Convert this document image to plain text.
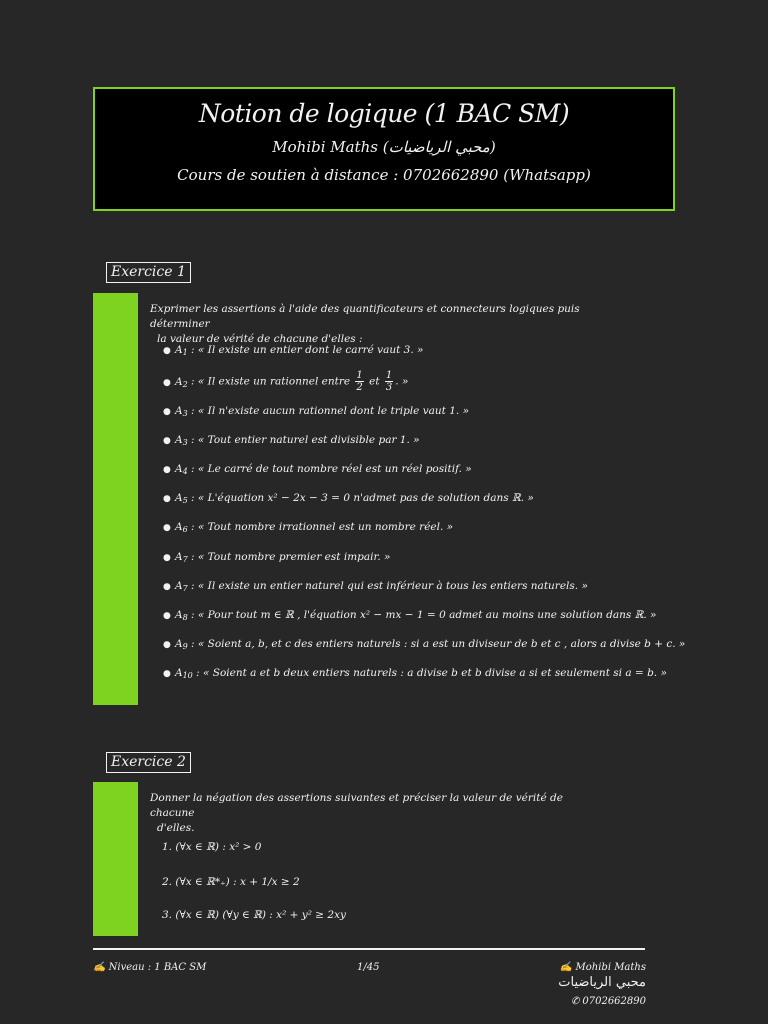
Notion de logique (1 BAC SM)
Mohibi Maths (محبي الرياضيات)
Cours de soutien à distance : 0702662890 (Whatsapp)
Exercice 1
Exprimer les assertions à l'aide des quantificateurs et connecteurs logiques puis déterminer
la valeur de vérité de chacune d'elles :
● $A_1$ : « Il existe un entier dont le carré vaut 3. »
● $A_2$ : « Il existe un rationnel entre $\frac{1}{2}$ et $\frac{1}{3}$ . »
● $A_3$ : « Il n'existe aucun rationnel dont le triple vaut 1. »
● $A_3$ : « Tout entier naturel est divisible par 1. »
● $A_4$ : « Le carré de tout nombre réel est un réel positif. »
● $A_5$ : « L'équation x² − 2x − 3 = 0 n'admet pas de solution dans ℝ. »
● $A_6$ : « Tout nombre irrationnel est un nombre réel. »
● $A_7$ : « Tout nombre premier est impair. »
● $A_7$ : « Il existe un entier naturel qui est inférieur à tous les entiers naturels. »
● $A_8$ : « Pour tout m ∈ ℝ , l'équation x² − mx − 1 = 0 admet au moins une solution dans ℝ. »
● $A_9$ : « Soient a, b, et c des entiers naturels : si a est un diviseur de b et c , alors a divise b + c. »
● $A_{10}$ : « Soient a et b deux entiers naturels : a divise b et b divise a si et seulement si a = b. »
Exercice 2
Donner la négation des assertions suivantes et préciser la valeur de vérité de chacune
d'elles.
1. (∀x ∈ ℝ) : x² > 0
2. (∀x ∈ ℝ*₊) : x + 1/x ≥ 2
3. (∀x ∈ ℝ) (∀y ∈ ℝ) : x² + y² ≥ 2xy
✍ Niveau : 1 BAC SM	1/45	✍ Mohibi Maths
محبي الرياضيات
✆ 0702662890
